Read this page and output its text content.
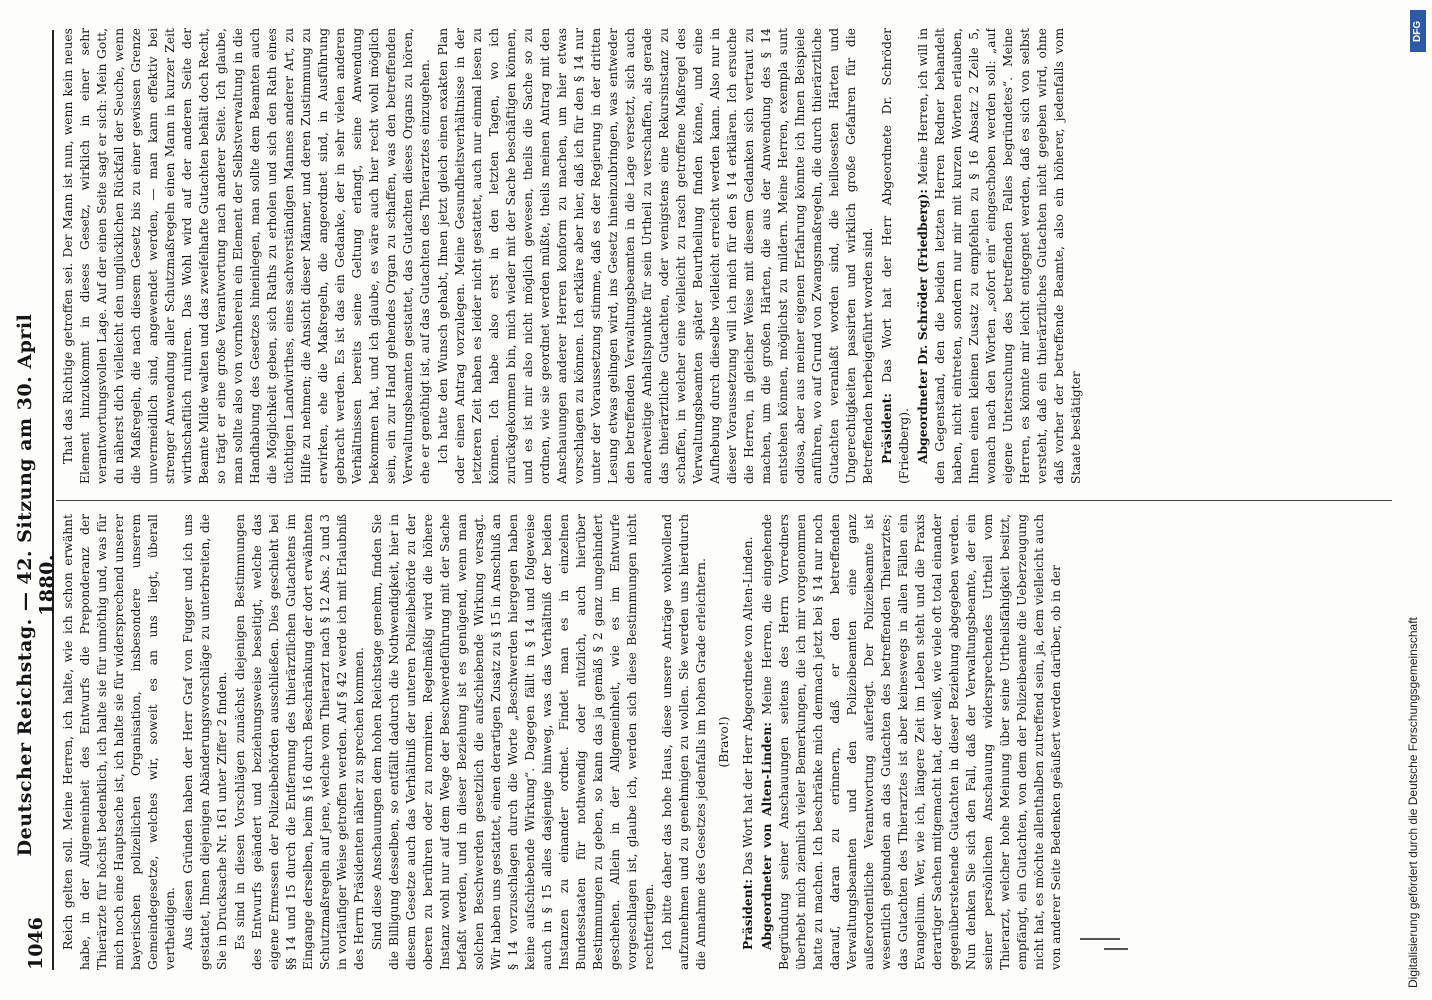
1046
Deutscher Reichstag. — 42. Sitzung am 30. April 1880. Reich gelten soll. Meine Herren, ich halte, wie ich schon erwähnt habe, in der Allgemeinheit des Entwurfs die Preponderanz der Thierärzte für höchst bedenklich, ich halte sie für unnöthig und, was für mich noch eine Hauptsache ist, ich halte sie für widersprechend unserer bayerischen polizeilichen Organisation, insbesondere unserem Gemeindegesetze, welches wir, soweit es an uns liegt, überall vertheidigen. Aus diesen Gründen haben der Herr Graf von Fugger und ich uns gestattet, Ihnen diejenigen Abänderungsvorschläge zu unterbreiten, die Sie in Drucksache Nr. 161 unter Ziffer 2 finden. Es sind in diesen Vorschlägen zunächst diejenigen Bestimmungen des Entwurfs geändert und beziehungsweise beseitigt, welche das eigene Ermessen der Polizeibehörden ausschließen. Dies geschieht bei §§ 14 und 15 durch die Entfernung des thierärztlichen Gutachtens im Eingange derselben, beim § 16 durch Beschränkung der dort erwähnten Schutzmaßregeln auf jene, welche vom Thierarzt nach § 12 Abs. 2 und 3 in vorläufiger Weise getroffen werden. Auf § 42 werde ich mit Erlaubniß des Herrn Präsidenten näher zu sprechen kommen. Sind diese Anschauungen dem hohen Reichstage genehm, finden Sie die Billigung desselben, so entfällt dadurch die Nothwendigkeit, hier in diesem Gesetze auch das Verhältniß der unteren Polizeibehörde zu der oberen zu berühren oder zu normiren. Regelmäßig wird die höhere Instanz wohl nur auf dem Wege der Beschwerdeführung mit der Sache befaßt werden, und in dieser Beziehung ist es genügend, wenn man solchen Beschwerden gesetzlich die aufschiebende Wirkung versagt. Wir haben uns gestattet, einen derartigen Zusatz zu § 15 in Anschluß an § 14 vorzuschlagen durch die Worte „Beschwerden hiergegen haben keine aufschiebende Wirkung“. Dagegen fällt in § 14 und folgeweise auch in § 15 alles dasjenige hinweg, was das Verhältniß der beiden Instanzen zu einander ordnet. Findet man es in einzelnen Bundesstaaten für nothwendig oder nützlich, auch hierüber Bestimmungen zu geben, so kann das ja gemäß § 2 ganz ungehindert geschehen. Allein in der Allgemeinheit, wie es im Entwurfe vorgeschlagen ist, glaube ich, werden sich diese Bestimmungen nicht rechtfertigen. Ich bitte daher das hohe Haus, diese unsere Anträge wohlwollend aufzunehmen und zu genehmigen zu wollen. Sie werden uns hierdurch die Annahme des Gesetzes jedenfalls im hohen Grade erleichtern. (Bravo!)

Präsident: Das Wort hat der Herr Abgeordnete von Alten-Linden. Abgeordneter von Alten-Linden: Meine Herren, die eingehende Begründung seiner Anschauungen seitens des Herrn Vorredners überhebt mich ziemlich vieler Bemerkungen, die ich mir vorgenommen hatte zu machen. Ich beschränke mich demnach jetzt bei § 14 nur noch darauf, daran zu erinnern, daß er den betreffenden Verwaltungsbeamten und den Polizeibeamten eine ganz außerordentliche Verantwortung auferlegt. Der Polizeibeamte ist wesentlich gebunden an das Gutachten des betreffenden Thierarztes; das Gutachten des Thierarztes ist aber keineswegs in allen Fällen ein Evangelium. Wer, wie ich, längere Zeit im Leben steht und die Praxis derartiger Sachen mitgemacht hat, der weiß, wie viele oft total einander gegenüberstehende Gutachten in dieser Beziehung abgegeben werden. Nun denken Sie sich den Fall, daß der Verwaltungsbeamte, der ein seiner persönlichen Anschauung widersprechendes Urtheil vom Thierarzt, welcher hohe Meinung über seine Urtheilsfähigkeit besitzt, empfängt, ein Gutachten, von dem der Polizeibeamte die Ueberzeugung nicht hat, es möchte allenthalben zutreffend sein, ja, dem vielleicht auch von anderer Seite Bedenken geäußert werden darüber, ob in der

That das Richtige getroffen sei. Der Mann ist nun, wenn kein neues Element hinzukommt in dieses Gesetz, wirklich in einer sehr verantwortungsvollen Lage. Auf der einen Seite sagt er sich: Mein Gott, du näherst dich vielleicht den unglücklichen Rückfall der Seuche, wenn die Maßregeln, die nach diesem Gesetz bis zu einer gewissen Grenze unvermeidlich sind, angewendet werden, — man kann effektiv bei strenger Anwendung aller Schutzmaßregeln einen Mann in kurzer Zeit wirthschaftlich ruiniren. Das Wohl wird auf der anderen Seite der Beamte Milde walten und das zweifelhafte Gutachten behält doch Recht, so trägt er eine große Verantwortung nach anderer Seite. Ich glaube, man sollte also von vornherein ein Element der Selbstverwaltung in die Handhabung des Gesetzes hineinlegen, man sollte dem Beamten auch die Möglichkeit geben, sich Raths zu erholen und sich den Rath eines tüchtigen Landwirthes, eines sachverständigen Mannes anderer Art, zu Hilfe zu nehmen; die Ansicht dieser Männer, und deren Zustimmung zu erwirken, ehe die Maßregeln, die angeordnet sind, in Ausführung gebracht werden. Es ist das ein Gedanke, der in sehr vielen anderen Verhältnissen bereits seine Geltung erlangt, seine Anwendung bekommen hat, und ich glaube, es wäre auch hier recht wohl möglich sein, ein zur Hand gehendes Organ zu schaffen, was den betreffenden Verwaltungsbeamten gestattet, das Gutachten dieses Organs zu hören, ehe er genöthigt ist, auf das Gutachten des Thierarztes einzugehen. Ich hatte den Wunsch gehabt, Ihnen jetzt gleich einen exakten Plan oder einen Antrag vorzulegen. Meine Gesundheitsverhältnisse in der letzteren Zeit haben es leider nicht gestattet, auch nur einmal lesen zu können. Ich habe also erst in den letzten Tagen, wo ich zurückgekommen bin, mich wieder mit der Sache beschäftigen können, und es ist mir also nicht möglich gewesen, theils die Sache so zu ordnen, wie sie geordnet werden müßte, theils meinen Antrag mit den Anschauungen anderer Herren konform zu machen, um hier etwas vorschlagen zu können. Ich erkläre aber hier, daß ich für den § 14 nur unter der Voraussetzung stimme, daß es der Regierung in der dritten Lesung etwas gelingen wird, ins Gesetz hineinzubringen, was entweder den betreffenden Verwaltungsbeamten in die Lage versetzt, sich auch anderweitige Anhaltspunkte für sein Urtheil zu verschaffen, als gerade das thierärztliche Gutachten, oder wenigstens eine Rekursinstanz zu schaffen, in welcher eine vielleicht zu rasch getroffene Maßregel des Verwaltungsbeamten später Beurtheilung finden könne, und eine Aufhebung durch dieselbe vielleicht erreicht werden kann. Also nur in dieser Voraussetzung will ich mich für den § 14 erklären. Ich ersuche die Herren, in gleicher Weise mit diesem Gedanken sich vertraut zu machen, um die großen Härten, die aus der Anwendung des § 14 entstehen können, möglichst zu mildern. Meine Herren, exempla sunt odiosa, aber aus meiner eigenen Erfahrung könnte ich Ihnen Beispiele anführen, wo auf Grund von Zwangsmaßregeln, die durch thierärztliche Gutachten veranlaßt worden sind, die heillosesten Härten und Ungerechtigkeiten passirten und wirklich große Gefahren für die Betreffenden herbeigeführt worden sind. Präsident: Das Wort hat der Herr Abgeordnete Dr. Schröder (Friedberg). Abgeordneter Dr. Schröder (Friedberg): Meine Herren, ich will in den Gegenstand, den die beiden letzten Herren Redner behandelt haben, nicht eintreten, sondern nur mir mit kurzen Worten erlauben, Ihnen einen kleinen Zusatz zu empfehlen zu § 16 Absatz 2 Zeile 5, wonach nach den Worten „sofort ein“ eingeschoben werden soll: „auf eigene Untersuchung des betreffenden Falles begründetes“. Meine Herren, es könnte mir leicht entgegnet werden, daß es sich von selbst versteht, daß ein thierärztliches Gutachten nicht gegeben wird, ohne daß vorher der betreffende Beamte, also ein höherer, jedenfalls vom Staate bestätigter

Digitalisierung gefördert durch die Deutsche Forschungsgemeinschaft
DFG
